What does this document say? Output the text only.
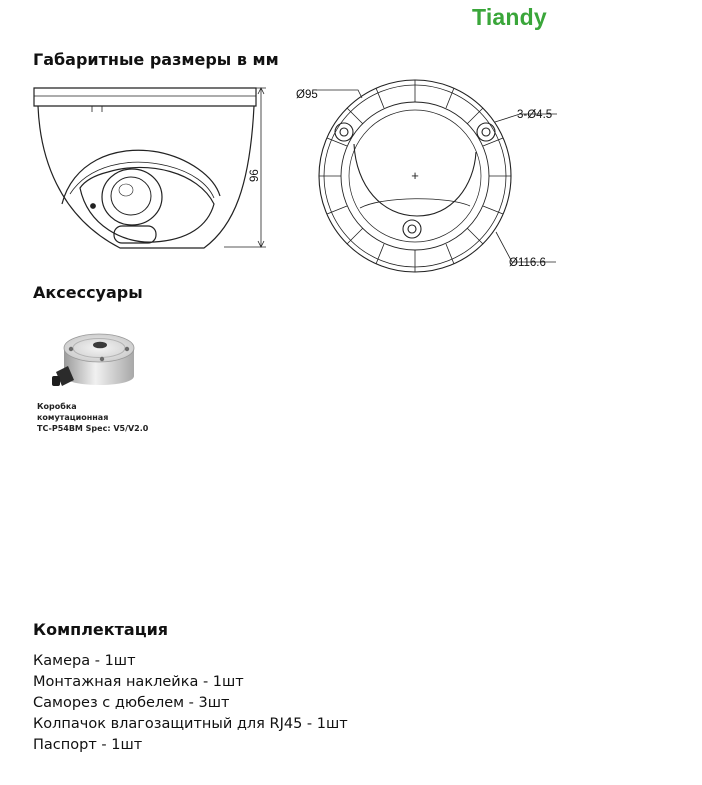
Tiandy
Габаритные размеры в мм
96	+
Ø95
3-Ø4.5
Ø116.6
Аксессуары
Коробка
комутационная
TC-P54BM Spec: V5/V2.0
Комплектация
Камера - 1шт
Монтажная наклейка - 1шт
Саморез с дюбелем - 3шт
Колпачок влагозащитный для RJ45 - 1шт
Паспорт - 1шт
